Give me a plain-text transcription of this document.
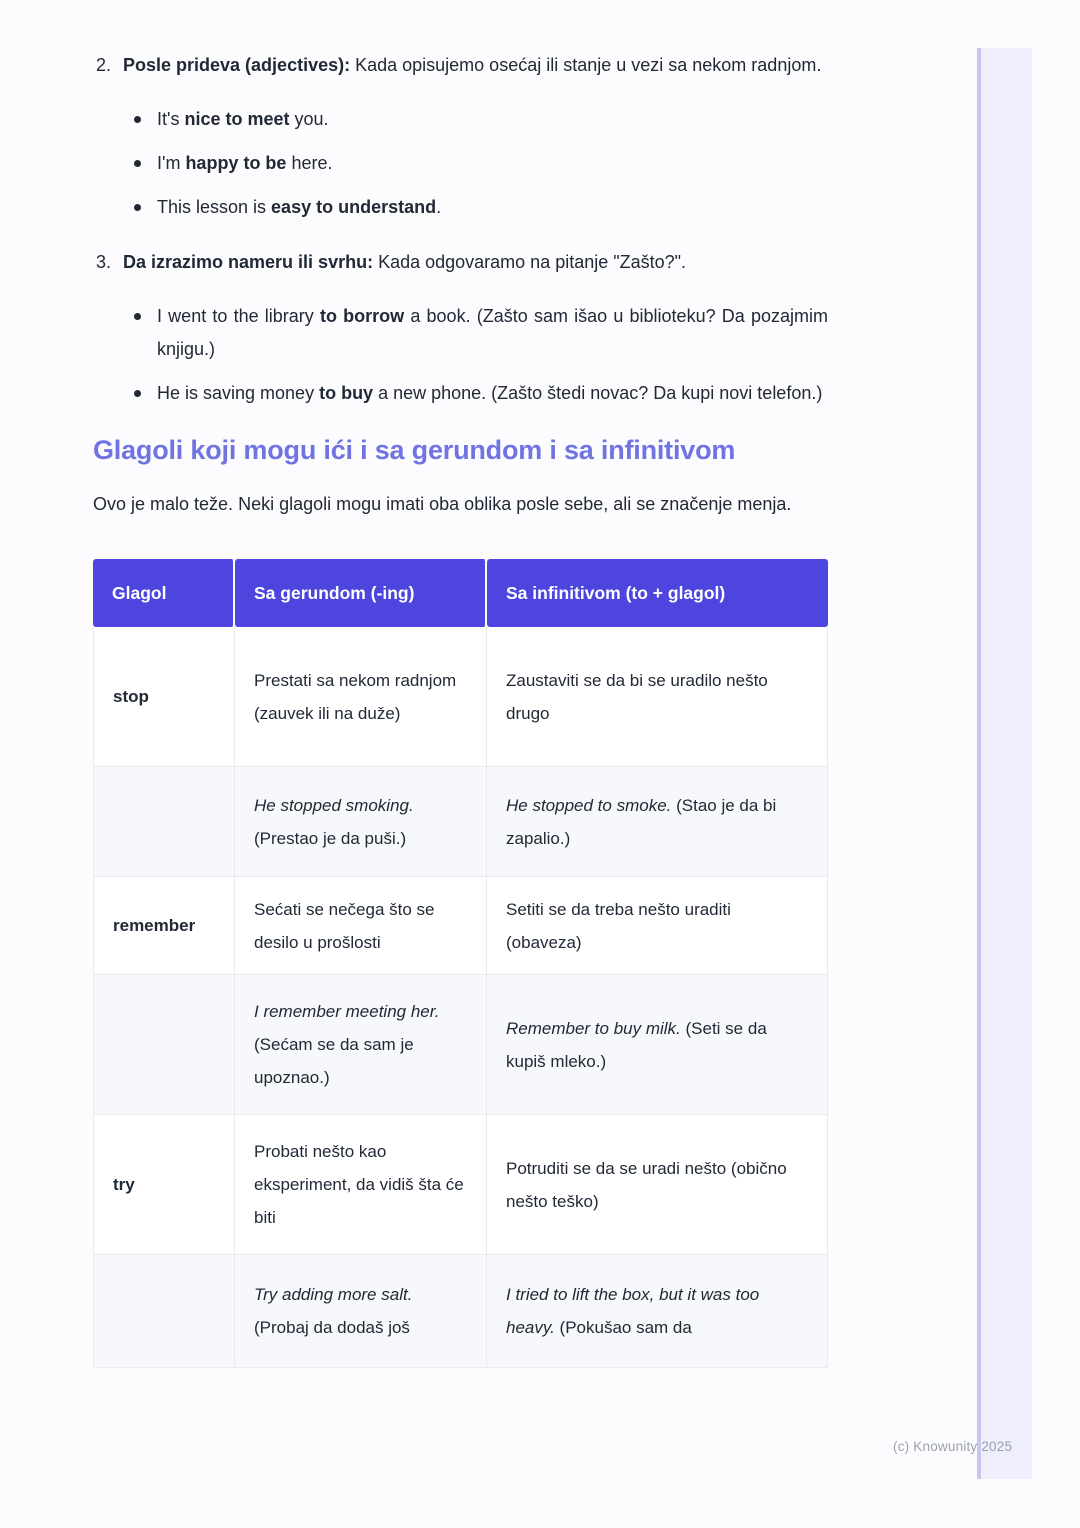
2. Posle prideva (adjectives): Kada opisujemo osećaj ili stanje u vezi sa nekom radnjom.
It's nice to meet you.
I'm happy to be here.
This lesson is easy to understand.
3. Da izrazimo nameru ili svrhu: Kada odgovaramo na pitanje "Zašto?".
I went to the library to borrow a book. (Zašto sam išao u biblioteku? Da pozajmim knjigu.)
He is saving money to buy a new phone. (Zašto štedi novac? Da kupi novi telefon.)
Glagoli koji mogu ići i sa gerundom i sa infinitivom

Ovo je malo teže. Neki glagoli mogu imati oba oblika posle sebe, ali se značenje menja.

Glagol	Sa gerundom (-ing)	Sa infinitivom (to + glagol)
stop	Prestati sa nekom radnjom (zauvek ili na duže)	Zaustaviti se da bi se uradilo nešto drugo
	He stopped smoking. (Prestao je da puši.)	He stopped to smoke. (Stao je da bi zapalio.)
remember	Sećati se nečega što se desilo u prošlosti	Setiti se da treba nešto uraditi (obaveza)
	I remember meeting her. (Sećam se da sam je upoznao.)	Remember to buy milk. (Seti se da kupiš mleko.)
try	Probati nešto kao eksperiment, da vidiš šta će biti	Potruditi se da se uradi nešto (obično nešto teško)
	Try adding more salt. (Probaj da dodaš još	I tried to lift the box, but it was too heavy. (Pokušao sam da
(c) Knowunity 2025
